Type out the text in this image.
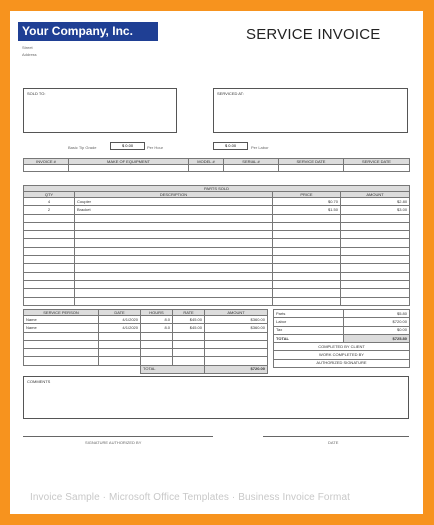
Your Company, Inc.
Street
Address
SERVICE INVOICE
SOLD TO:	SERVICED AT:
Basic Tip Grade	$ 0.00	Per Hour	$ 0.00	Per Labor
INVOICE #	MAKE OF EQUIPMENT	MODEL #	SERIAL #	SERVICE DATE	SERVICE DATE

PARTS SOLD			
QTY	DESCRIPTION	PRICE	AMOUNT
4	Coupler	$0.70	$2.80
2	Bracket	$1.50	$3.00

SERVICE PERSON	DATE	HOURS	RATE	AMOUNT
Name	4/1/2020	8.0	$45.00	$360.00
Name	4/1/2020	8.0	$45.00	$360.00

		TOTAL		$720.00
Parts	$5.80
Labor	$720.00
Tax	$0.00
TOTAL	$725.80
COMPLETED BY CLIENT	
WORK COMPLETED BY	
AUTHORIZED SIGNATURE	
COMMENTS
SIGNATURE AUTHORIZED BY	DATE
Invoice Sample · Microsoft Office Templates · Business Invoice Format
